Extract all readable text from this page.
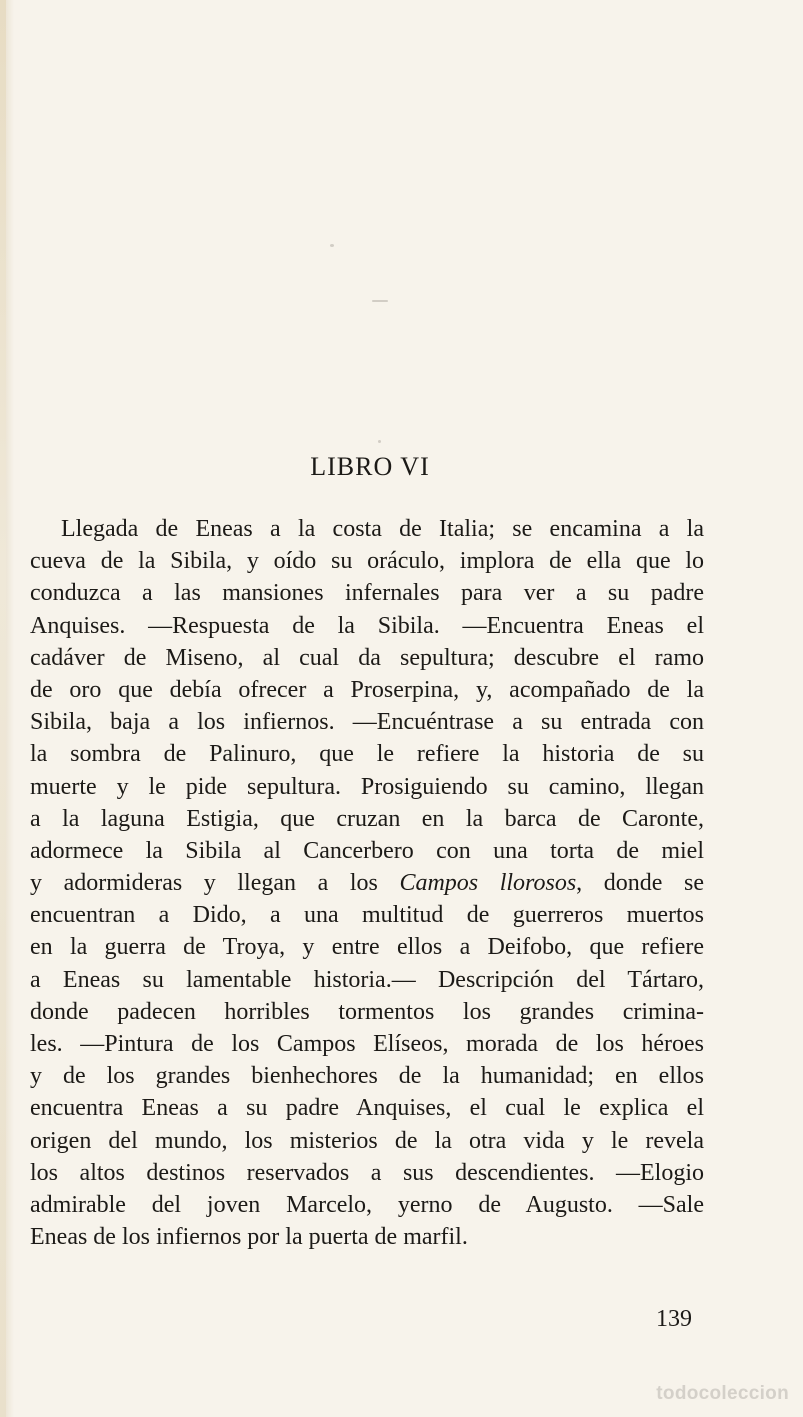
LIBRO VI
Llegada de Eneas a la costa de Italia; se encamina a la
cueva de la Sibila, y oído su oráculo, implora de ella que lo
conduzca a las mansiones infernales para ver a su padre
Anquises. —Respuesta de la Sibila. —Encuentra Eneas el
cadáver de Miseno, al cual da sepultura; descubre el ramo
de oro que debía ofrecer a Proserpina, y, acompañado de la
Sibila, baja a los infiernos. —Encuéntrase a su entrada con
la sombra de Palinuro, que le refiere la historia de su
muerte y le pide sepultura. Prosiguiendo su camino, llegan
a la laguna Estigia, que cruzan en la barca de Caronte,
adormece la Sibila al Cancerbero con una torta de miel
y adormideras y llegan a los Campos llorosos, donde se
encuentran a Dido, a una multitud de guerreros muertos
en la guerra de Troya, y entre ellos a Deifobo, que refiere
a Eneas su lamentable historia.— Descripción del Tártaro,
donde padecen horribles tormentos los grandes crimina-
les. —Pintura de los Campos Elíseos, morada de los héroes
y de los grandes bienhechores de la humanidad; en ellos
encuentra Eneas a su padre Anquises, el cual le explica el
origen del mundo, los misterios de la otra vida y le revela
los altos destinos reservados a sus descendientes. —Elogio
admirable del joven Marcelo, yerno de Augusto. —Sale
Eneas de los infiernos por la puerta de marfil.

139

todocoleccion
